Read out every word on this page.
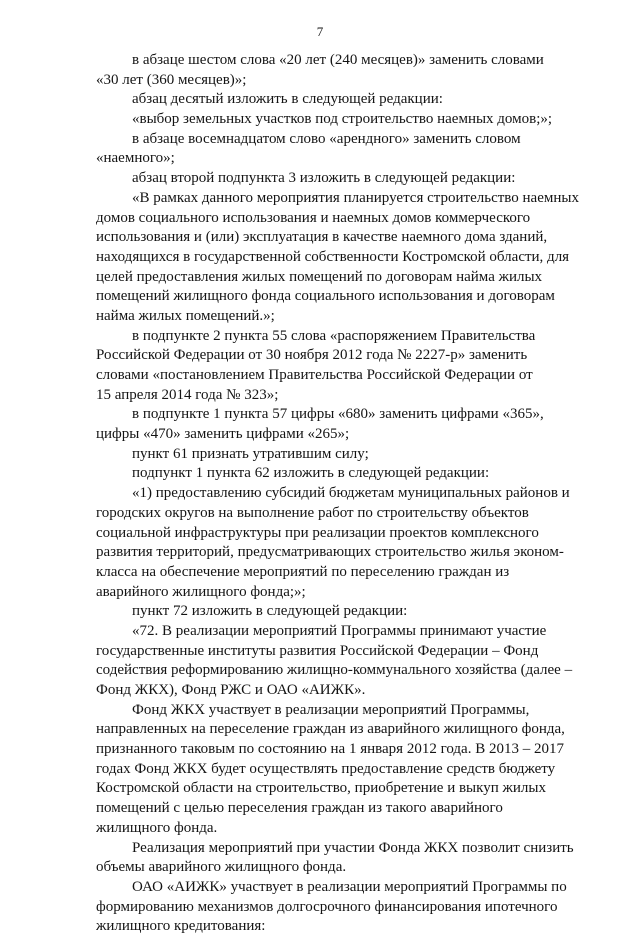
7
в абзаце шестом слова «20 лет (240 месяцев)» заменить словами
«30 лет (360 месяцев)»;
абзац десятый изложить в следующей редакции:
«выбор земельных участков под строительство наемных домов;»;
в абзаце восемнадцатом слово «арендного» заменить словом
«наемного»;
абзац второй подпункта 3 изложить в следующей редакции:
«В рамках данного мероприятия планируется строительство наемных
домов социального использования и наемных домов коммерческого
использования и (или) эксплуатация в качестве наемного дома зданий,
находящихся в государственной собственности Костромской области, для
целей предоставления жилых помещений по договорам найма жилых
помещений жилищного фонда социального использования и договорам
найма жилых помещений.»;
в подпункте 2 пункта 55 слова «распоряжением Правительства
Российской Федерации от 30 ноября 2012 года № 2227-р» заменить
словами «постановлением Правительства Российской Федерации от
15 апреля 2014 года № 323»;
в подпункте 1 пункта 57 цифры «680» заменить цифрами «365»,
цифры «470» заменить цифрами «265»;
пункт 61 признать утратившим силу;
подпункт 1 пункта 62 изложить в следующей редакции:
«1) предоставлению субсидий бюджетам муниципальных районов и
городских округов на выполнение работ по строительству объектов
социальной инфраструктуры при реализации проектов комплексного
развития территорий, предусматривающих строительство жилья эконом-
класса на обеспечение мероприятий по переселению граждан из
аварийного жилищного фонда;»;
пункт 72 изложить в следующей редакции:
«72. В реализации мероприятий Программы принимают участие
государственные институты развития Российской Федерации – Фонд
содействия реформированию жилищно-коммунального хозяйства (далее –
Фонд ЖКХ), Фонд РЖС и ОАО «АИЖК».
Фонд ЖКХ участвует в реализации мероприятий Программы,
направленных на переселение граждан из аварийного жилищного фонда,
признанного таковым по состоянию на 1 января 2012 года. В 2013 – 2017
годах Фонд ЖКХ будет осуществлять предоставление средств бюджету
Костромской области на строительство, приобретение и выкуп жилых
помещений с целью переселения граждан из такого аварийного
жилищного фонда.
Реализация мероприятий при участии Фонда ЖКХ позволит снизить
объемы аварийного жилищного фонда.
ОАО «АИЖК» участвует в реализации мероприятий Программы по
формированию механизмов долгосрочного финансирования ипотечного
жилищного кредитования:
